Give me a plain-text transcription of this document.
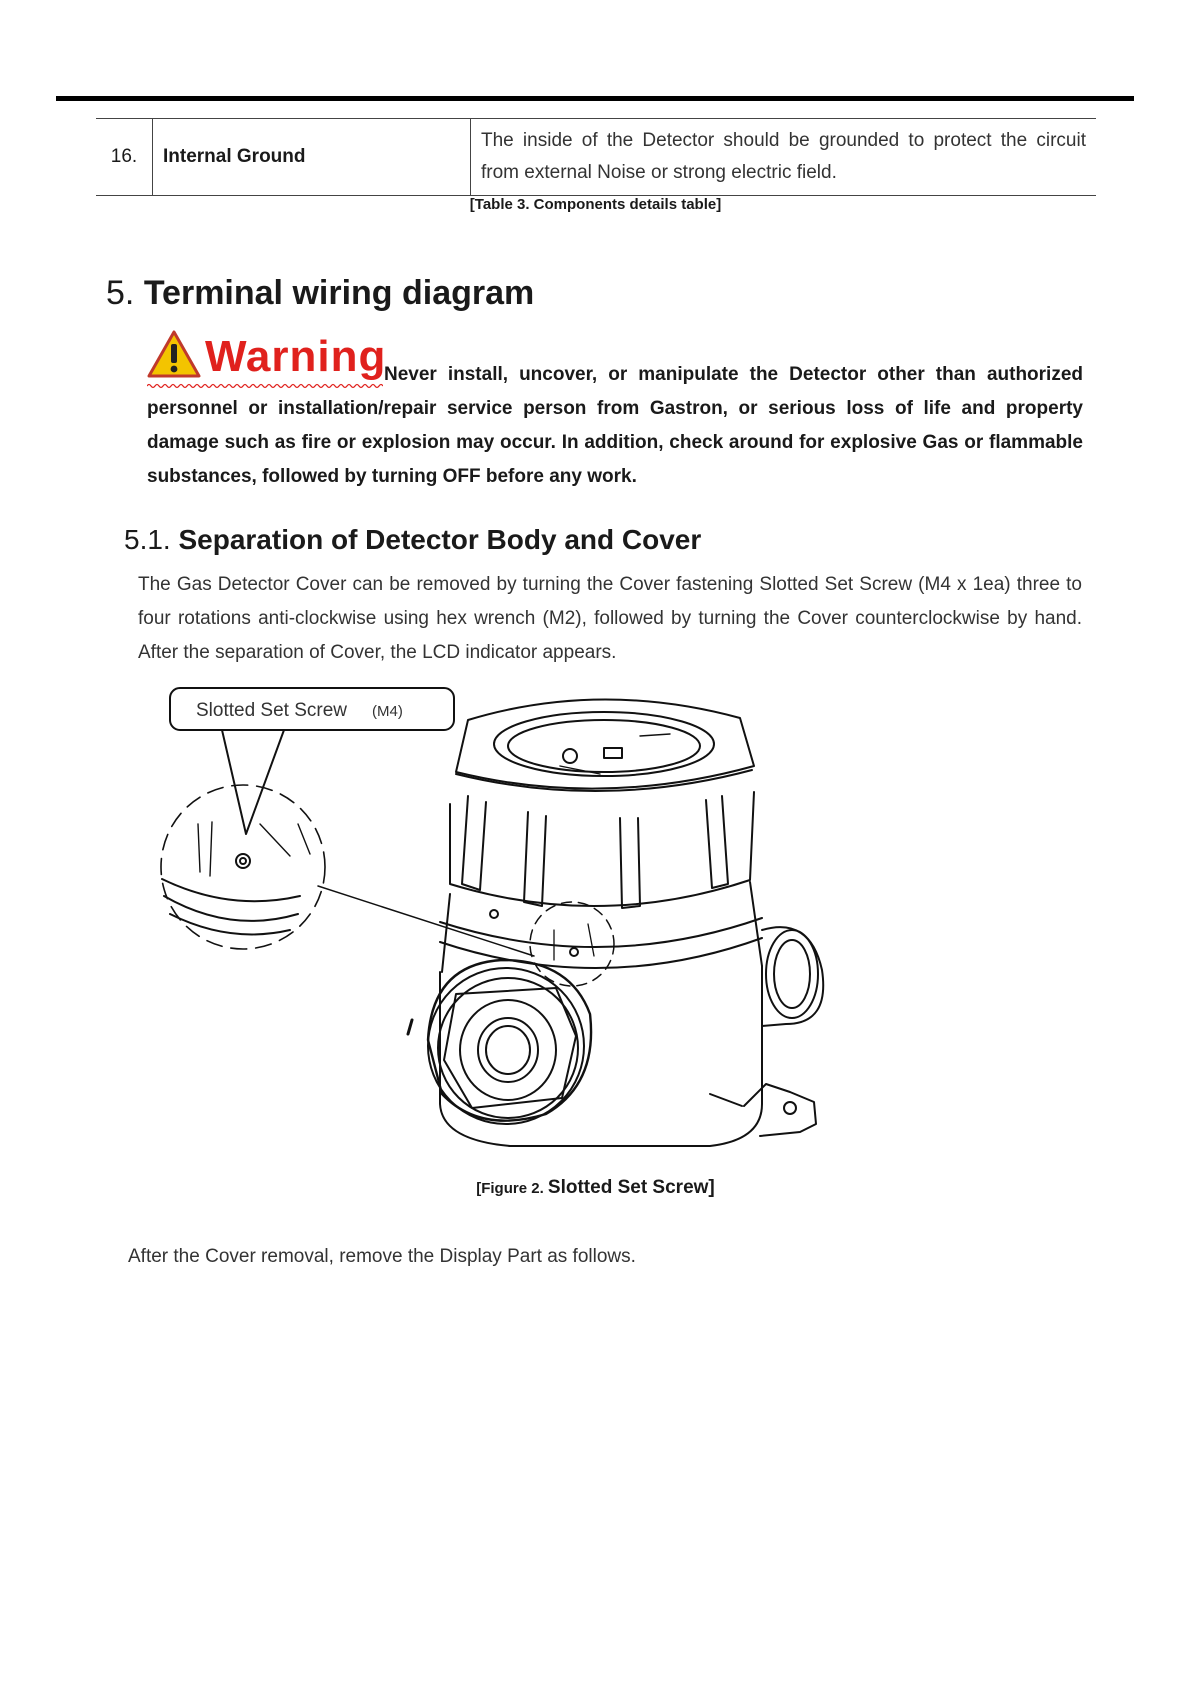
16.	Internal Ground	The inside of the Detector should be grounded to protect the circuit from external Noise or strong electric field.
[Table 3. Components details table]
5. Terminal wiring diagram
Warning

Never install, uncover, or manipulate the Detector other than authorized personnel or installation/repair service person from Gastron, or serious loss of life and property damage such as fire or explosion may occur. In addition, check around for explosive Gas or flammable substances, followed by turning OFF before any work.

5.1. Separation of Detector Body and Cover

The Gas Detector Cover can be removed by turning the Cover fastening Slotted Set Screw (M4 x 1ea) three to four rotations anti-clockwise using hex wrench (M2), followed by turning the Cover counterclockwise by hand. After the separation of Cover, the LCD indicator appears.

Slotted Set Screw (M4)
[Figure 2. Slotted Set Screw]

After the Cover removal, remove the Display Part as follows.
